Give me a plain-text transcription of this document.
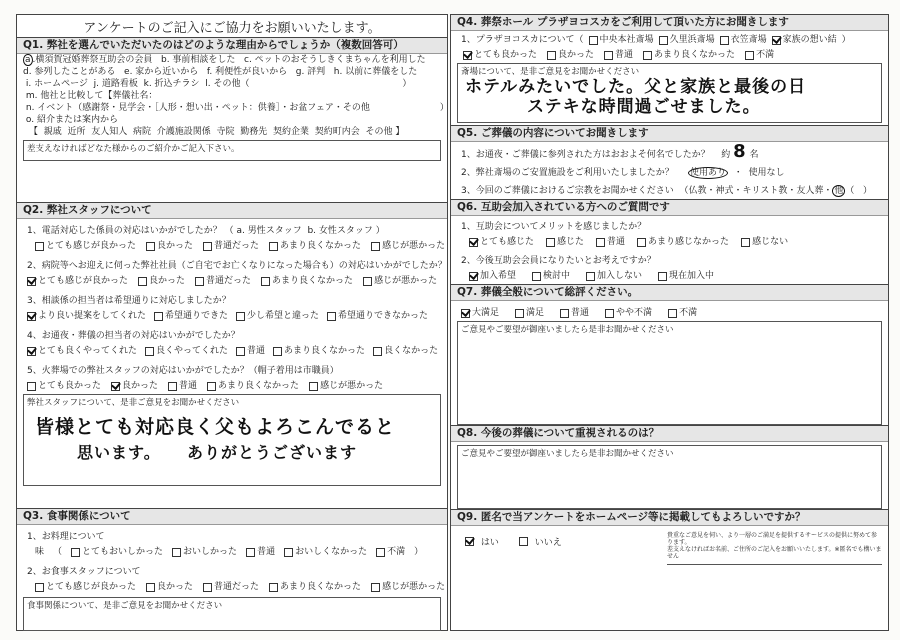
アンケートのご記入にご協力をお願いいたします。
Q1. 弊社を選んでいただいたのはどのような理由からでしょうか（複数回答可）
a .横須賀冠婚葬祭互助会の会員 b. 事前相談をした c. ペットのおそうしきくまちゃんを利用した
d. 参列したことがある e. 家から近いから f. 利便性が良いから g. 評判 h. 以前に葬儀をした
i. ホームページ j. 道路看板 k. 折込チラシ l. その他（	）
m. 他社と比較して【葬儀社名：
n. イベント（感謝祭・見学会・［人形・想い出・ペット：供養］・お盆フェア・その他	）
o. 紹介または案内から
【 親戚 近所 友人知人 病院 介護施設関係 寺院 勤務先 契約企業 契約町内会 その他 】
差支えなければどなた様からのご紹介かご記入下さい。
Q2. 弊社スタッフについて
1、電話対応した係員の対応はいかがでしたか？ （ a. 男性スタッフ b. 女性スタッフ ）
とても感じが良かった 良かった 普通だった あまり良くなかった 感じが悪かった
2、病院等へお迎えに伺った弊社社員（ご自宅でお亡くなりになった場合も）の対応はいかがでしたか？
とても感じが良かった 良かった 普通だった あまり良くなかった 感じが悪かった
3、相談係の担当者は希望通りに対応しましたか？
より良い提案をしてくれた 希望通りできた 少し希望と違った 希望通りできなかった
4、お通夜・葬儀の担当者の対応はいかがでしたか？
とても良くやってくれた 良くやってくれた 普通 あまり良くなかった 良くなかった
5、火葬場での弊社スタッフの対応はいかがでしたか？（帽子着用は市職員）
とても良かった 良かった 普通 あまり良くなかった 感じが悪かった
弊社スタッフについて、是非ご意見をお聞かせください
皆様とても対応良く父もよろこんでると
思います。 ありがとうございます
Q3. 食事関係について
1、お料理について
味 （ とてもおいしかった おいしかった 普通 おいしくなかった 不満 ）
2、お食事スタッフについて
とても感じが良かった 良かった 普通だった あまり良くなかった 感じが悪かった
食事関係について、是非ご意見をお聞かせください
Q4. 葬祭ホール プラザヨコスカをご利用して頂いた方にお聞きします
1、プラザヨコスカについて（ 中央本社斎場 久里浜斎場 衣笠斎場 家族の想い結 ）
とても良かった 良かった 普通 あまり良くなかった 不満
斎場について、是非ご意見をお聞かせください
ホテルみたいでした。父と家族と最後の日
ステキな時間過ごせました。
Q5. ご葬儀の内容についてお聞きします
1、お通夜・ご葬儀に参列された方はおおよそ何名でしたか？ 約 8 名
2、弊社斎場のご安置施設をご利用いたしましたか？ 使用あり ・ 使用なし
3、今回のご葬儀におけるご宗教をお聞かせください （仏教・神式・キリスト教・友人葬・ 他 （ ）
Q6. 互助会加入されている方へのご質問です
1、互助会についてメリットを感じましたか？
とても感じた	感じた	普通	あまり感じなかった	感じない
2、今後互助会会員になりたいとお考えですか？
加入希望	検討中	加入しない	現在加入中
Q7. 葬儀全般について総評ください。
大満足	満足	普通	やや不満	不満
ご意見やご要望が御座いましたら是非お聞かせください
Q8. 今後の葬儀について重視されるのは？
ご意見やご要望が御座いましたら是非お聞かせください
Q9. 匿名で当アンケートをホームページ等に掲載してもよろしいですか？

はい
	いいえ
貴重なご意見を伺い、より一層のご満足を提供するサービスの提供に努めて参ります。
差支えなければお名前、ご住所のご記入をお願いいたします。※匿名でも構いません
